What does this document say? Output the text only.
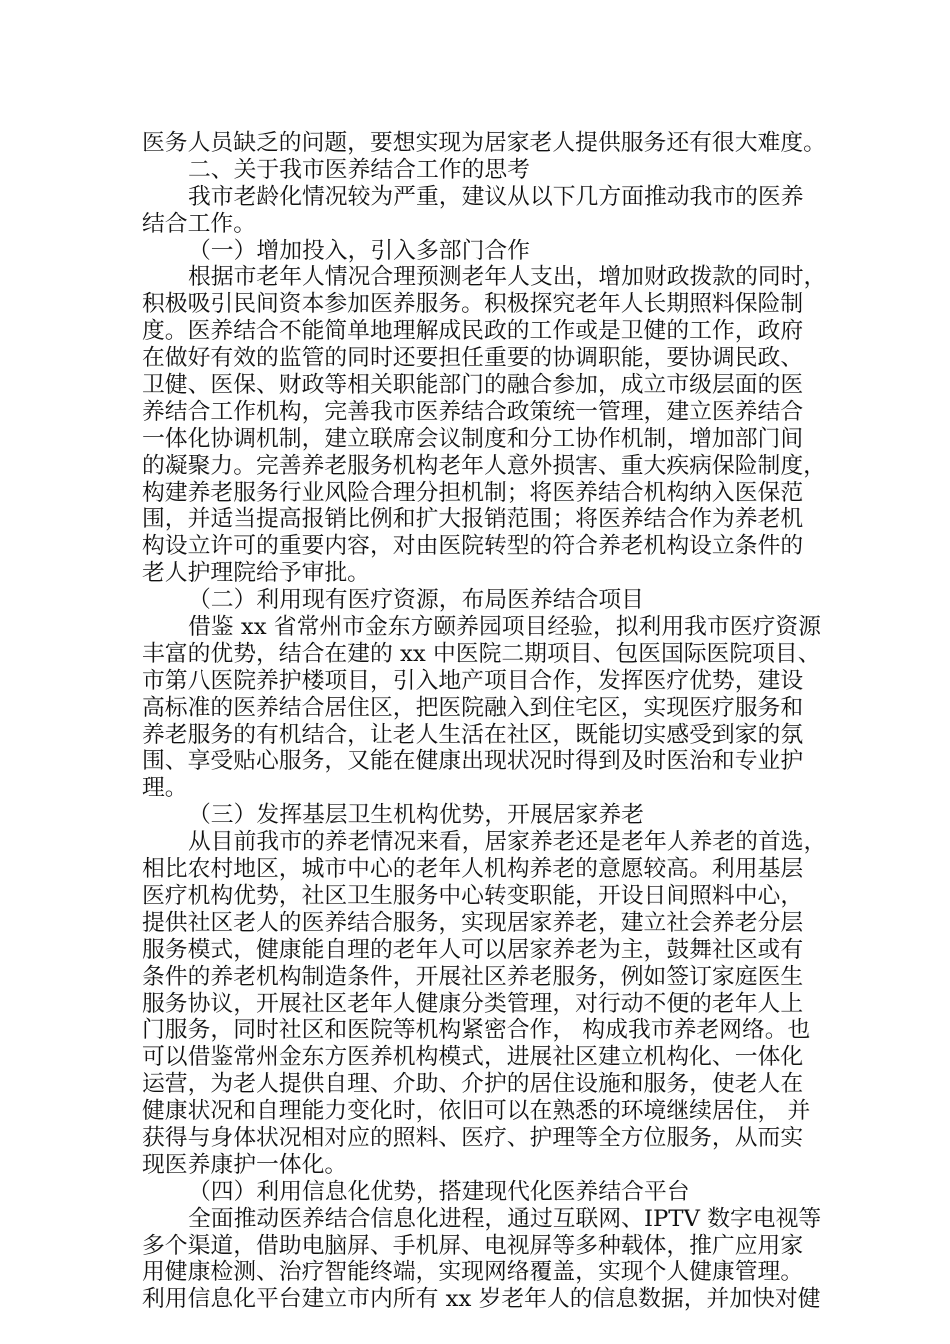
医务人员缺乏的问题，要想实现为居家老人提供服务还有很大难度。
二、关于我市医养结合工作的思考
我市老龄化情况较为严重，建议从以下几方面推动我市的医养
结合工作。
（一）增加投入，引入多部门合作
根据市老年人情况合理预测老年人支出，增加财政拨款的同时，
积极吸引民间资本参加医养服务。积极探究老年人长期照料保险制
度。医养结合不能简单地理解成民政的工作或是卫健的工作，政府
在做好有效的监管的同时还要担任重要的协调职能，要协调民政、
卫健、医保、财政等相关职能部门的融合参加，成立市级层面的医
养结合工作机构，完善我市医养结合政策统一管理，建立医养结合
一体化协调机制，建立联席会议制度和分工协作机制，增加部门间
的凝聚力。完善养老服务机构老年人意外损害、重大疾病保险制度，
构建养老服务行业风险合理分担机制；将医养结合机构纳入医保范
围，并适当提高报销比例和扩大报销范围；将医养结合作为养老机
构设立许可的重要内容，对由医院转型的符合养老机构设立条件的
老人护理院给予审批。
（二）利用现有医疗资源，布局医养结合项目
借鉴 xx 省常州市金东方颐养园项目经验，拟利用我市医疗资源
丰富的优势，结合在建的 xx 中医院二期项目、包医国际医院项目、
市第八医院养护楼项目，引入地产项目合作，发挥医疗优势，建设
高标准的医养结合居住区，把医院融入到住宅区，实现医疗服务和
养老服务的有机结合，让老人生活在社区，既能切实感受到家的氛
围、享受贴心服务，又能在健康出现状况时得到及时医治和专业护
理。
（三）发挥基层卫生机构优势，开展居家养老
从目前我市的养老情况来看，居家养老还是老年人养老的首选，
相比农村地区，城市中心的老年人机构养老的意愿较高。利用基层
医疗机构优势，社区卫生服务中心转变职能，开设日间照料中心，
提供社区老人的医养结合服务，实现居家养老，建立社会养老分层
服务模式，健康能自理的老年人可以居家养老为主，鼓舞社区或有
条件的养老机构制造条件，开展社区养老服务，例如签订家庭医生
服务协议，开展社区老年人健康分类管理，对行动不便的老年人上
门服务，同时社区和医院等机构紧密合作， 构成我市养老网络。也
可以借鉴常州金东方医养机构模式，进展社区建立机构化、一体化
运营，为老人提供自理、介助、介护的居住设施和服务，使老人在
健康状况和自理能力变化时，依旧可以在熟悉的环境继续居住， 并
获得与身体状况相对应的照料、医疗、护理等全方位服务，从而实
现医养康护一体化。
（四）利用信息化优势，搭建现代化医养结合平台
全面推动医养结合信息化进程，通过互联网、IPTV 数字电视等
多个渠道，借助电脑屏、手机屏、电视屏等多种载体，推广应用家
用健康检测、治疗智能终端，实现网络覆盖，实现个人健康管理。
利用信息化平台建立市内所有 xx 岁老年人的信息数据，并加快对健
